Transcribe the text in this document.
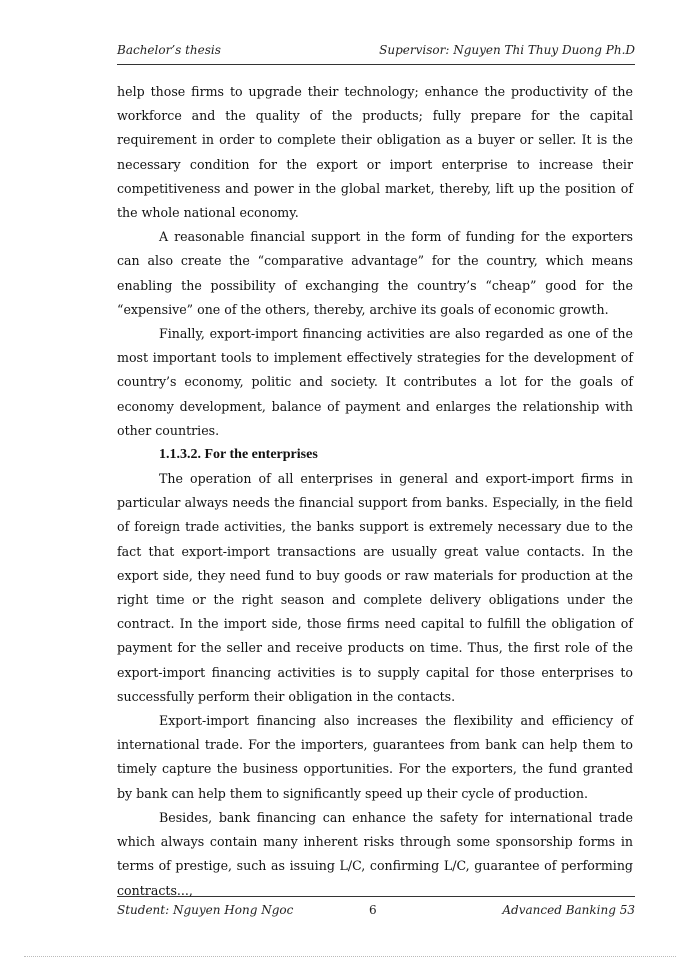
Bachelor’s thesis	Supervisor: Nguyen Thi Thuy Duong Ph.D

help those firms to upgrade their technology; enhance the productivity of the workforce and the quality of the products; fully prepare for the capital requirement in order to complete their obligation as a buyer or seller. It is the necessary condition for the export or import enterprise to increase their competitiveness and power in the global market, thereby, lift up the position of the whole national economy.

A reasonable financial support in the form of funding for the exporters can also create the “comparative advantage” for the country, which means enabling the possibility of exchanging the country’s “cheap” good for the “expensive” one of the others, thereby, archive its goals of economic growth.

Finally, export-import financing activities are also regarded as one of the most important tools to implement effectively strategies for the development of country’s economy, politic and society. It contributes a lot for the goals of economy development, balance of payment and enlarges the relationship with other countries.

1.1.3.2. For the enterprises

The operation of all enterprises in general and export-import firms in particular always needs the financial support from banks. Especially, in the field of foreign trade activities, the banks support is extremely necessary due to the fact that export-import transactions are usually great value contacts. In the export side, they need fund to buy goods or raw materials for production at the right time or the right season and complete delivery obligations under the contract. In the import side, those firms need capital to fulfill the obligation of payment for the seller and receive products on time. Thus, the first role of the export-import financing activities is to supply capital for those enterprises to successfully perform their obligation in the contacts.

Export-import financing also increases the flexibility and efficiency of international trade. For the importers, guarantees from bank can help them to timely capture the business opportunities. For the exporters, the fund granted by bank can help them to significantly speed up their cycle of production.

Besides, bank financing can enhance the safety for international trade which always contain many inherent risks through some sponsorship forms in terms of prestige, such as issuing L/C, confirming L/C, guarantee of performing contracts...,

Student: Nguyen Hong Ngoc	6	Advanced Banking 53
